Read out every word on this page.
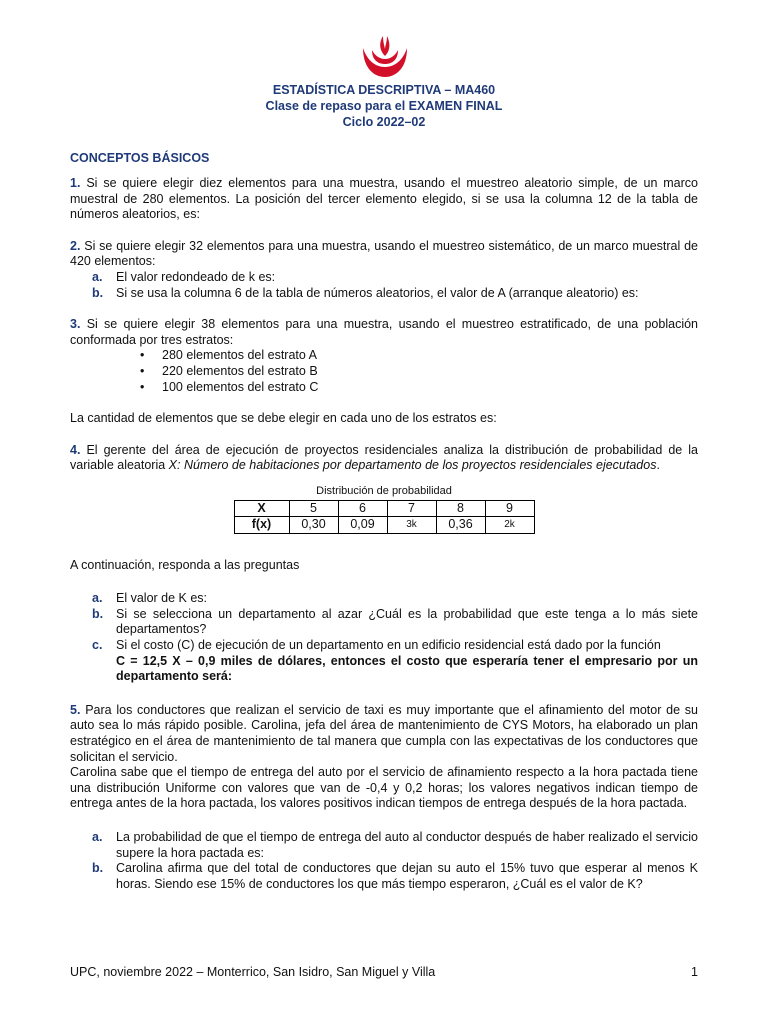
ESTADÍSTICA DESCRIPTIVA – MA460
Clase de repaso para el EXAMEN FINAL
Ciclo 2022–02
CONCEPTOS BÁSICOS

1. Si se quiere elegir diez elementos para una muestra, usando el muestreo aleatorio simple, de un marco muestral de 280 elementos. La posición del tercer elemento elegido, si se usa la columna 12 de la tabla de números aleatorios, es:

2. Si se quiere elegir 32 elementos para una muestra, usando el muestreo sistemático, de un marco muestral de 420 elementos:

a.	El valor redondeado de k es:
b.	Si se usa la columna 6 de la tabla de números aleatorios, el valor de A (arranque aleatorio) es:

3. Si se quiere elegir 38 elementos para una muestra, usando el muestreo estratificado, de una población conformada por tres estratos:

•	280 elementos del estrato A
•	220 elementos del estrato B
•	100 elementos del estrato C

La cantidad de elementos que se debe elegir en cada uno de los estratos es:

4. El gerente del área de ejecución de proyectos residenciales analiza la distribución de probabilidad de la variable aleatoria X: Número de habitaciones por departamento de los proyectos residenciales ejecutados.

Distribución de probabilidad

X	5	6	7	8	9
f(x)	0,30	0,09	3k	0,36	2k

A continuación, responda a las preguntas

a.	El valor de K es:
b.	Si se selecciona un departamento al azar ¿Cuál es la probabilidad que este tenga a lo más siete departamentos?
c.	Si el costo (C) de ejecución de un departamento en un edificio residencial está dado por la función
C = 12,5 X – 0,9 miles de dólares, entonces el costo que esperaría tener el empresario por un departamento será:

5. Para los conductores que realizan el servicio de taxi es muy importante que el afinamiento del motor de su auto sea lo más rápido posible. Carolina, jefa del área de mantenimiento de CYS Motors, ha elaborado un plan estratégico en el área de mantenimiento de tal manera que cumpla con las expectativas de los conductores que solicitan el servicio.

Carolina sabe que el tiempo de entrega del auto por el servicio de afinamiento respecto a la hora pactada tiene una distribución Uniforme con valores que van de -0,4 y 0,2 horas; los valores negativos indican tiempo de entrega antes de la hora pactada, los valores positivos indican tiempos de entrega después de la hora pactada.

a.	La probabilidad de que el tiempo de entrega del auto al conductor después de haber realizado el servicio supere la hora pactada es:
b.	Carolina afirma que del total de conductores que dejan su auto el 15% tuvo que esperar al menos K horas. Siendo ese 15% de conductores los que más tiempo esperaron, ¿Cuál es el valor de K?
UPC, noviembre 2022 – Monterrico, San Isidro, San Miguel y Villa	1
